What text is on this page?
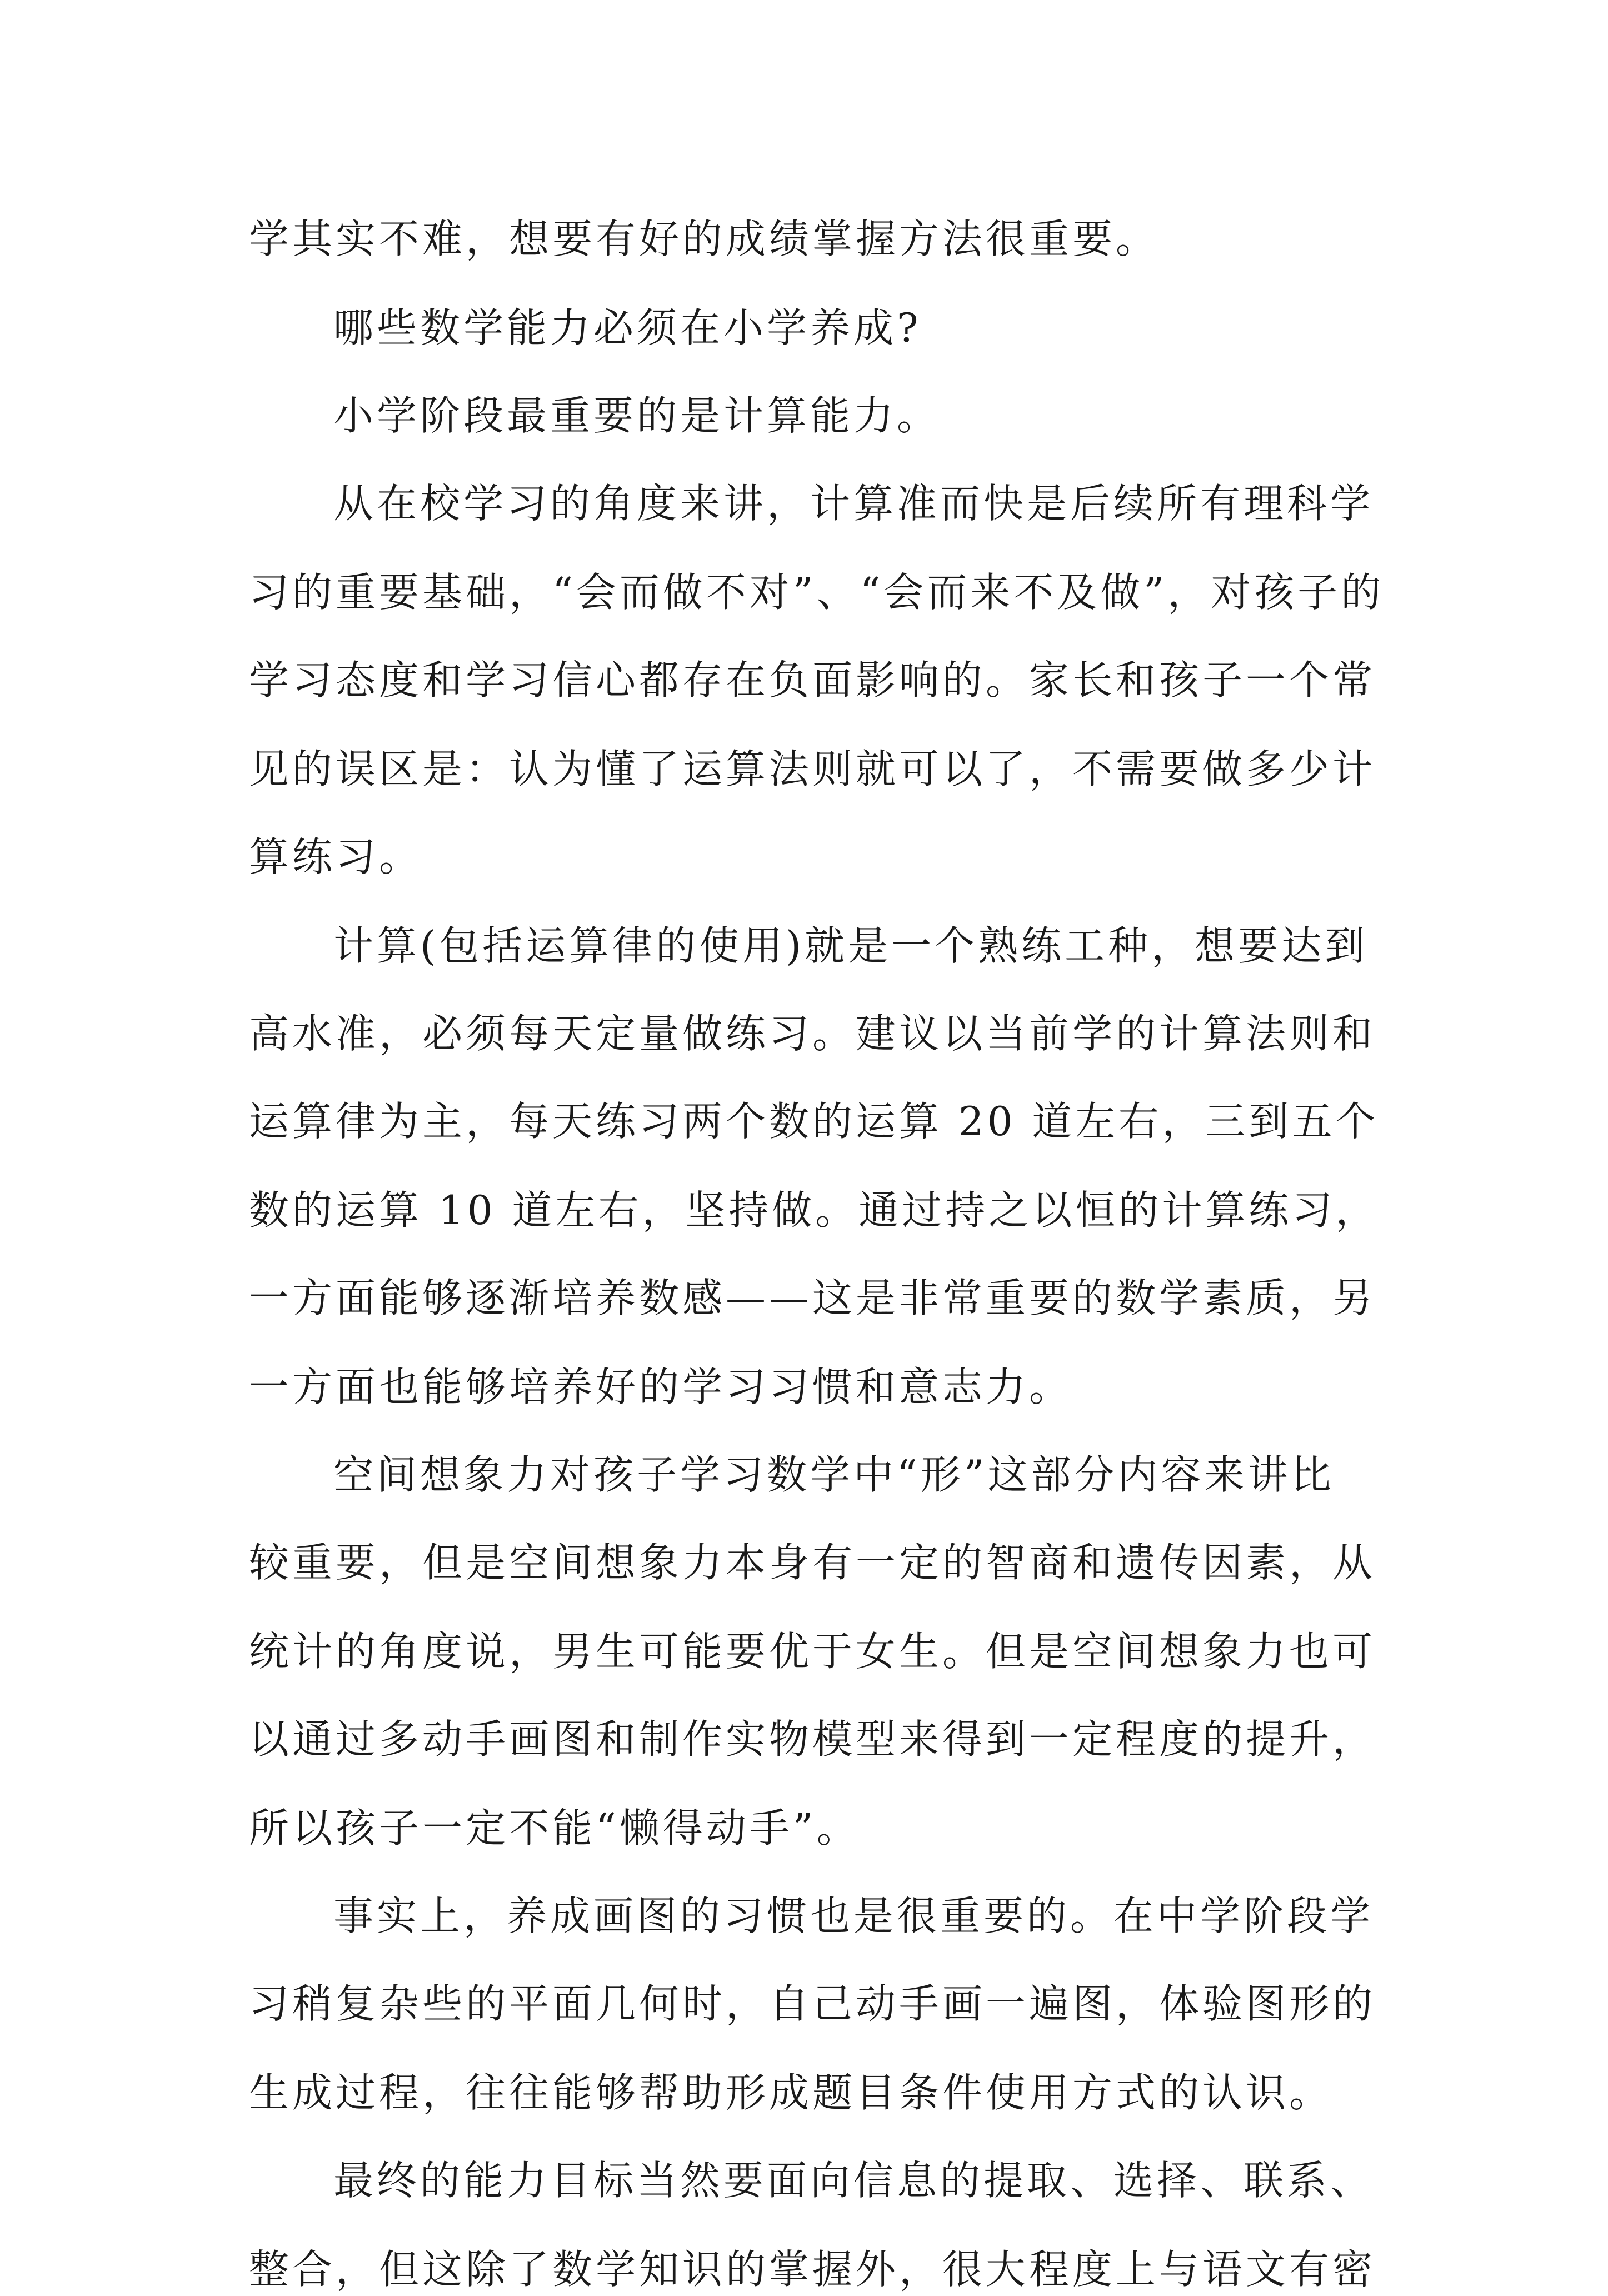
学其实不难，想要有好的成绩掌握方法很重要。
哪些数学能力必须在小学养成?
小学阶段最重要的是计算能力。
从在校学习的角度来讲，计算准而快是后续所有理科学
习的重要基础，“会而做不对”、“会而来不及做”，对孩子的
学习态度和学习信心都存在负面影响的。家长和孩子一个常
见的误区是：认为懂了运算法则就可以了，不需要做多少计
算练习。
计算(包括运算律的使用)就是一个熟练工种，想要达到
高水准，必须每天定量做练习。建议以当前学的计算法则和
运算律为主，每天练习两个数的运算 20 道左右，三到五个
数的运算 10 道左右，坚持做。通过持之以恒的计算练习，
一方面能够逐渐培养数感——这是非常重要的数学素质，另
一方面也能够培养好的学习习惯和意志力。
空间想象力对孩子学习数学中“形”这部分内容来讲比
较重要，但是空间想象力本身有一定的智商和遗传因素，从
统计的角度说，男生可能要优于女生。但是空间想象力也可
以通过多动手画图和制作实物模型来得到一定程度的提升，
所以孩子一定不能“懒得动手”。
事实上，养成画图的习惯也是很重要的。在中学阶段学
习稍复杂些的平面几何时，自己动手画一遍图，体验图形的
生成过程，往往能够帮助形成题目条件使用方式的认识。
最终的能力目标当然要面向信息的提取、选择、联系、
整合，但这除了数学知识的掌握外，很大程度上与语文有密
